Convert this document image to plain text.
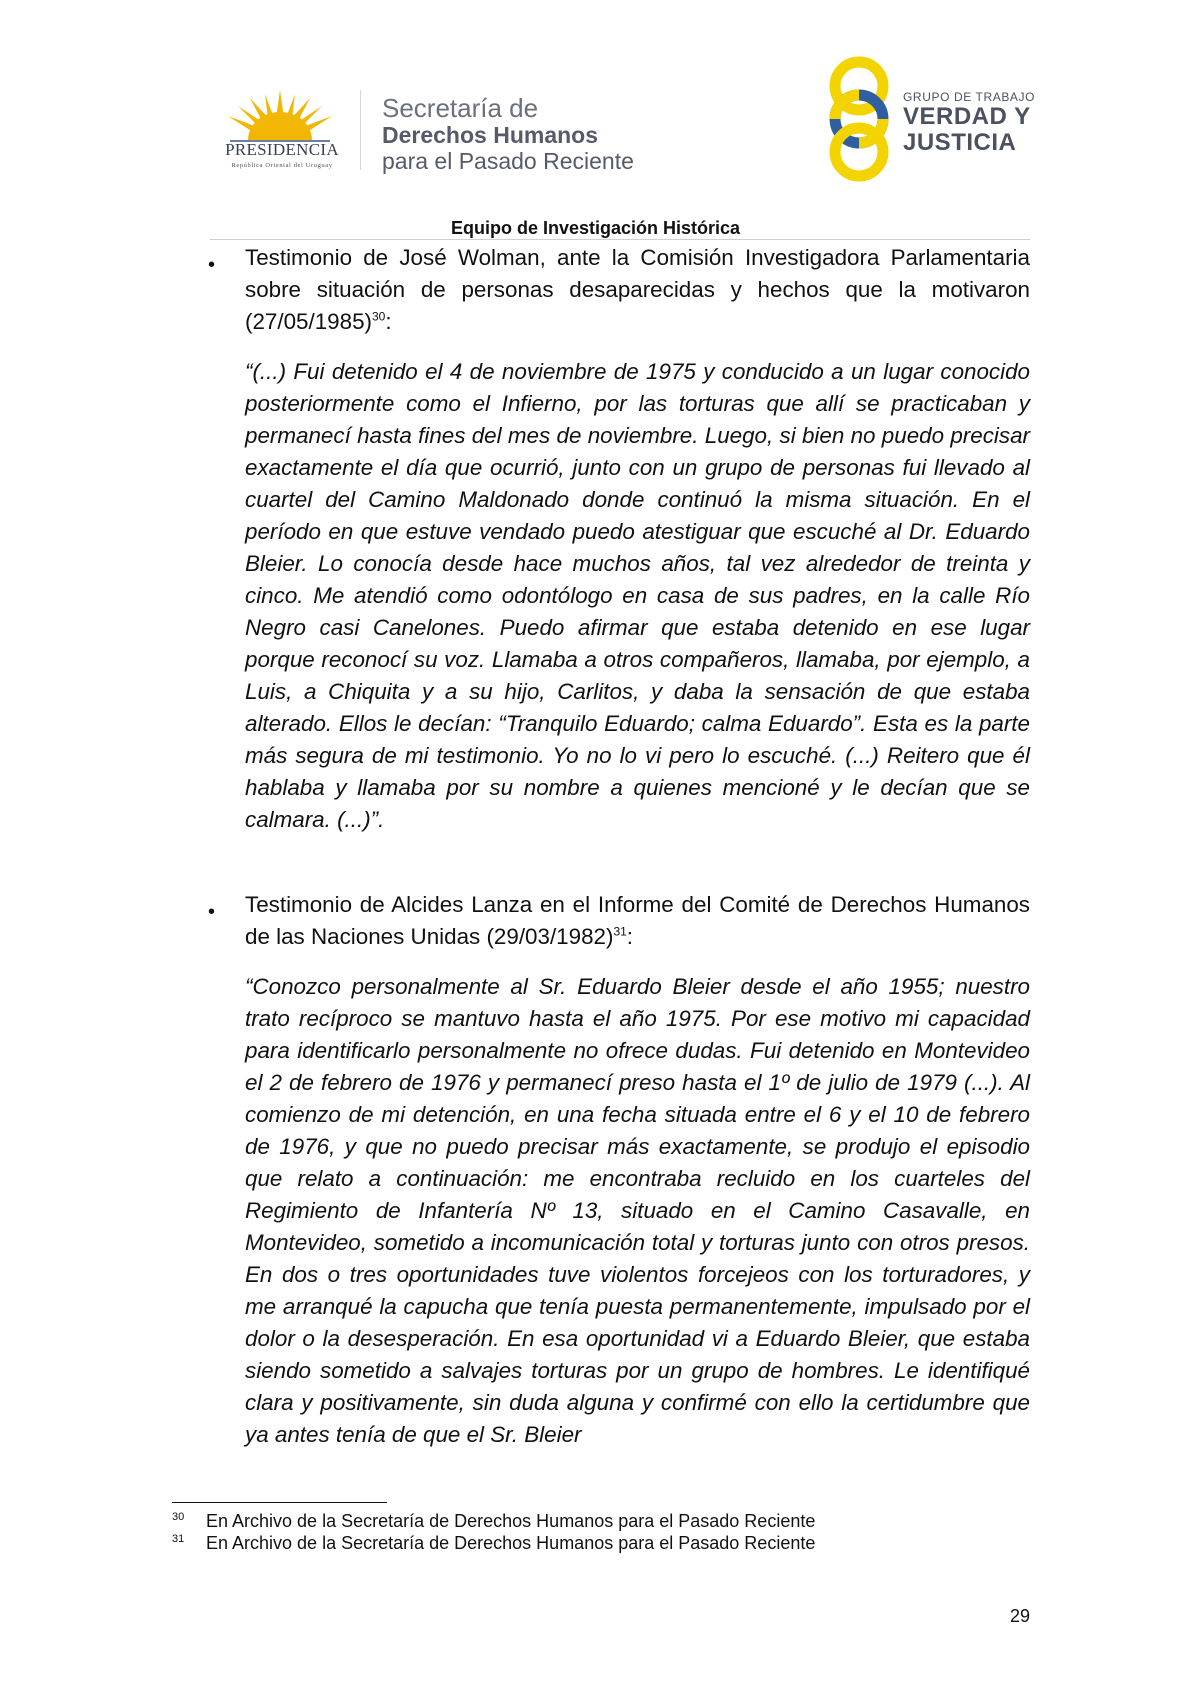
PRESIDENCIA
República Oriental del Uruguay
Secretaría de
Derechos Humanos
para el Pasado Reciente
GRUPO DE TRABAJO
VERDAD Y
JUSTICIA
Equipo de Investigación Histórica
• Testimonio de José Wolman, ante la Comisión Investigadora Parlamentaria sobre situación de personas desaparecidas y hechos que la motivaron $(27/05/1985)^{30}$:

“(...) Fui detenido el 4 de noviembre de 1975 y conducido a un lugar conocido posteriormente como el Infierno, por las torturas que allí se practicaban y permanecí hasta fines del mes de noviembre. Luego, si bien no puedo precisar exactamente el día que ocurrió, junto con un grupo de personas fui llevado al cuartel del Camino Maldonado donde continuó la misma situación. En el período en que estuve vendado puedo atestiguar que escuché al Dr. Eduardo Bleier. Lo conocía desde hace muchos años, tal vez alrededor de treinta y cinco. Me atendió como odontólogo en casa de sus padres, en la calle Río Negro casi Canelones. Puedo afirmar que estaba detenido en ese lugar porque reconocí su voz. Llamaba a otros compañeros, llamaba, por ejemplo, a Luis, a Chiquita y a su hijo, Carlitos, y daba la sensación de que estaba alterado. Ellos le decían: “Tranquilo Eduardo; calma Eduardo”. Esta es la parte más segura de mi testimonio. Yo no lo vi pero lo escuché. (...) Reitero que él hablaba y llamaba por su nombre a quienes mencioné y le decían que se calmara. (...)”.

• Testimonio de Alcides Lanza en el Informe del Comité de Derechos Humanos de las Naciones Unidas $(29/03/1982)^{31}$:

“Conozco personalmente al Sr. Eduardo Bleier desde el año 1955; nuestro trato recíproco se mantuvo hasta el año 1975. Por ese motivo mi capacidad para identificarlo personalmente no ofrece dudas. Fui detenido en Montevideo el 2 de febrero de 1976 y permanecí preso hasta el 1º de julio de 1979 (...). Al comienzo de mi detención, en una fecha situada entre el 6 y el 10 de febrero de 1976, y que no puedo precisar más exactamente, se produjo el episodio que relato a continuación: me encontraba recluido en los cuarteles del Regimiento de Infantería Nº 13, situado en el Camino Casavalle, en Montevideo, sometido a incomunicación total y torturas junto con otros presos. En dos o tres oportunidades tuve violentos forcejeos con los torturadores, y me arranqué la capucha que tenía puesta permanentemente, impulsado por el dolor o la desesperación. En esa oportunidad vi a Eduardo Bleier, que estaba siendo sometido a salvajes torturas por un grupo de hombres. Le identifiqué clara y positivamente, sin duda alguna y confirmé con ello la certidumbre que ya antes tenía de que el Sr. Bleier

30 En Archivo de la Secretaría de Derechos Humanos para el Pasado Reciente
31 En Archivo de la Secretaría de Derechos Humanos para el Pasado Reciente
29
